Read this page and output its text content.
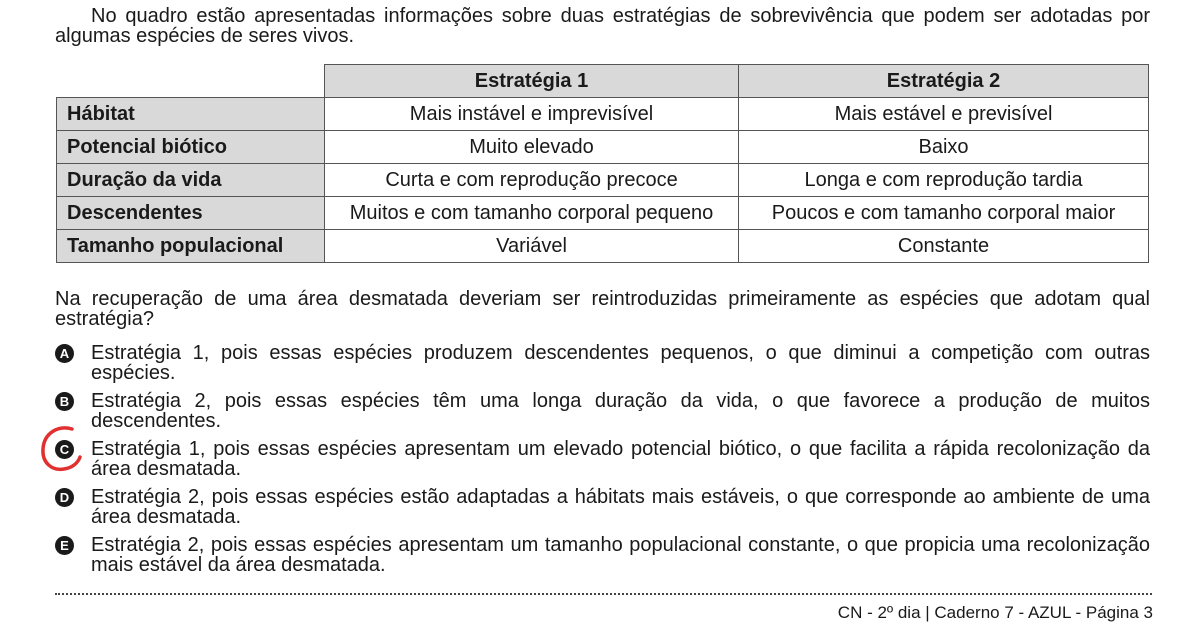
No quadro estão apresentadas informações sobre duas estratégias de sobrevivência que podem ser adotadas por algumas espécies de seres vivos.
	Estratégia 1	Estratégia 2
Hábitat	Mais instável e imprevisível	Mais estável e previsível
Potencial biótico	Muito elevado	Baixo
Duração da vida	Curta e com reprodução precoce	Longa e com reprodução tardia
Descendentes	Muitos e com tamanho corporal pequeno	Poucos e com tamanho corporal maior
Tamanho populacional	Variável	Constante
Na recuperação de uma área desmatada deveriam ser reintroduzidas primeiramente as espécies que adotam qual estratégia?
A Estratégia 1, pois essas espécies produzem descendentes pequenos, o que diminui a competição com outras espécies.
B Estratégia 2, pois essas espécies têm uma longa duração da vida, o que favorece a produção de muitos descendentes.
C Estratégia 1, pois essas espécies apresentam um elevado potencial biótico, o que facilita a rápida recolonização da área desmatada.
D Estratégia 2, pois essas espécies estão adaptadas a hábitats mais estáveis, o que corresponde ao ambiente de uma área desmatada.
E Estratégia 2, pois essas espécies apresentam um tamanho populacional constante, o que propicia uma recolonização mais estável da área desmatada.
CN - 2º dia | Caderno 7 - AZUL - Página 3
